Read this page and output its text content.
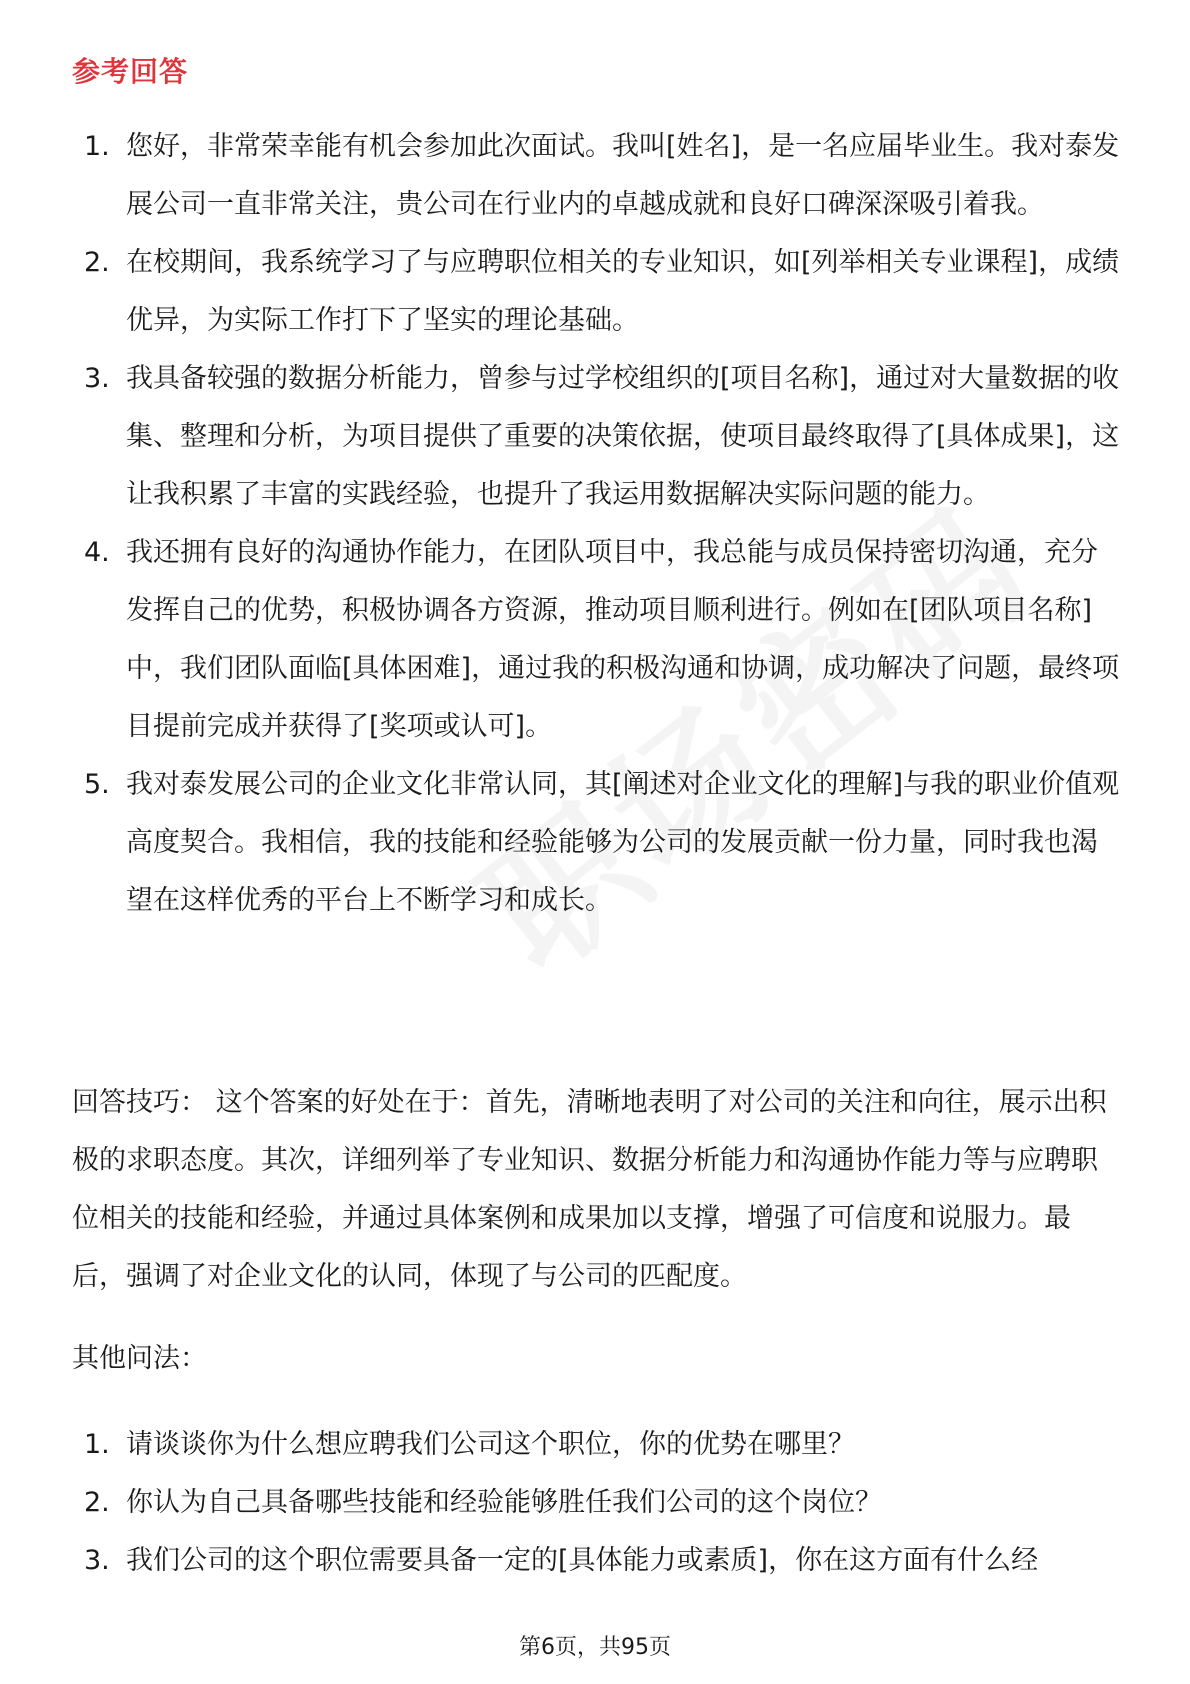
参考回答
1. 您好，非常荣幸能有机会参加此次面试。我叫[姓名]，是一名应届毕业生。我对泰发展公司一直非常关注，贵公司在行业内的卓越成就和良好口碑深深吸引着我。
2. 在校期间，我系统学习了与应聘职位相关的专业知识，如[列举相关专业课程]，成绩优异，为实际工作打下了坚实的理论基础。
3. 我具备较强的数据分析能力，曾参与过学校组织的[项目名称]，通过对大量数据的收集、整理和分析，为项目提供了重要的决策依据，使项目最终取得了[具体成果]，这让我积累了丰富的实践经验，也提升了我运用数据解决实际问题的能力。
4. 我还拥有良好的沟通协作能力，在团队项目中，我总能与成员保持密切沟通，充分发挥自己的优势，积极协调各方资源，推动项目顺利进行。例如在[团队项目名称]中，我们团队面临[具体困难]，通过我的积极沟通和协调，成功解决了问题，最终项目提前完成并获得了[奖项或认可]。
5. 我对泰发展公司的企业文化非常认同，其[阐述对企业文化的理解]与我的职业价值观高度契合。我相信，我的技能和经验能够为公司的发展贡献一份力量，同时我也渴望在这样优秀的平台上不断学习和成长。

回答技巧： 这个答案的好处在于：首先，清晰地表明了对公司的关注和向往，展示出积极的求职态度。其次，详细列举了专业知识、数据分析能力和沟通协作能力等与应聘职位相关的技能和经验，并通过具体案例和成果加以支撑，增强了可信度和说服力。最后，强调了对企业文化的认同，体现了与公司的匹配度。

其他问法：

1. 请谈谈你为什么想应聘我们公司这个职位，你的优势在哪里？
2. 你认为自己具备哪些技能和经验能够胜任我们公司的这个岗位？
3. 我们公司的这个职位需要具备一定的[具体能力或素质]，你在这方面有什么经
第6页，共95页
